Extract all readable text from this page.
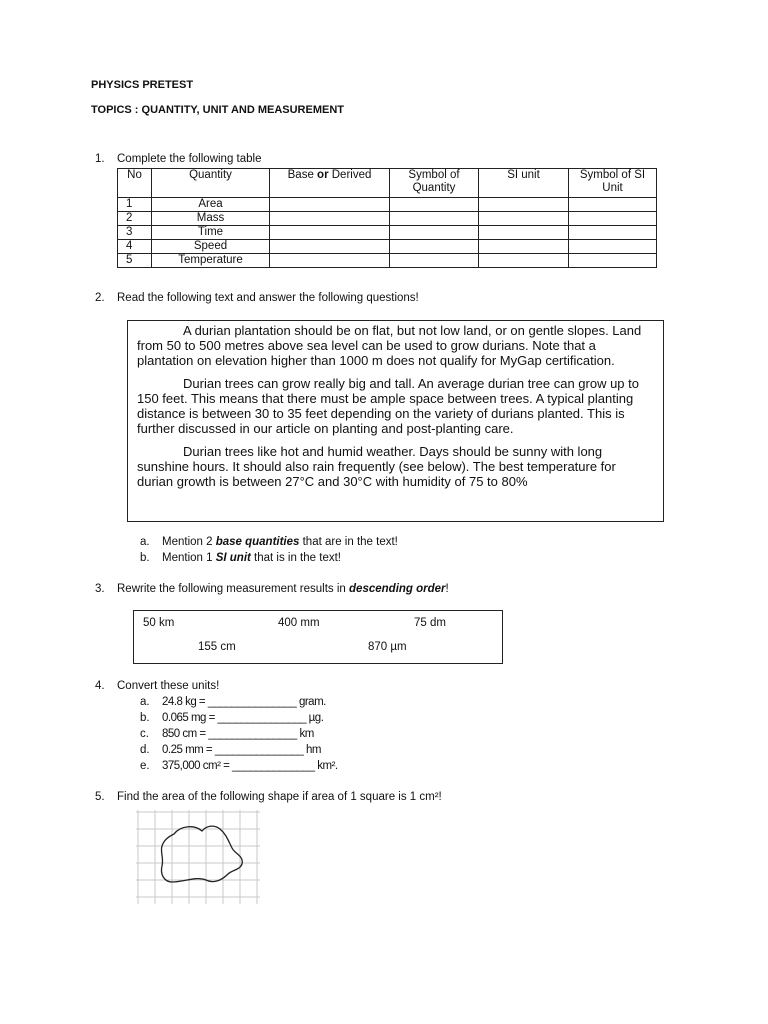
PHYSICS PRETEST
TOPICS : QUANTITY, UNIT AND MEASUREMENT
1. Complete the following table
No	Quantity	Base or Derived	Symbol of Quantity	SI unit	Symbol of SI Unit
1	Area				
2	Mass				
3	Time				
4	Speed				
5	Temperature				
2. Read the following text and answer the following questions!

A durian plantation should be on flat, but not low land, or on gentle slopes. Land from 50 to 500 metres above sea level can be used to grow durians. Note that a plantation on elevation higher than 1000 m does not qualify for MyGap certification.

Durian trees can grow really big and tall. An average durian tree can grow up to 150 feet. This means that there must be ample space between trees. A typical planting distance is between 30 to 35 feet depending on the variety of durians planted. This is further discussed in our article on planting and post-planting care.

Durian trees like hot and humid weather. Days should be sunny with long sunshine hours. It should also rain frequently (see below). The best temperature for durian growth is between 27°C and 30°C with humidity of 75 to 80%

a. Mention 2 base quantities that are in the text!
b. Mention 1 SI unit that is in the text!
3. Rewrite the following measurement results in descending order!
50 km	400 mm	75 dm
155 cm	870 µm
4. Convert these units!
a. 24.8 kg = _______________ gram.
b. 0.065 mg = _______________ µg.
c. 850 cm = _______________ km
d. 0.25 mm = _______________ hm
e. 375,000 cm² = ______________ km².
5. Find the area of the following shape if area of 1 square is 1 cm²!
